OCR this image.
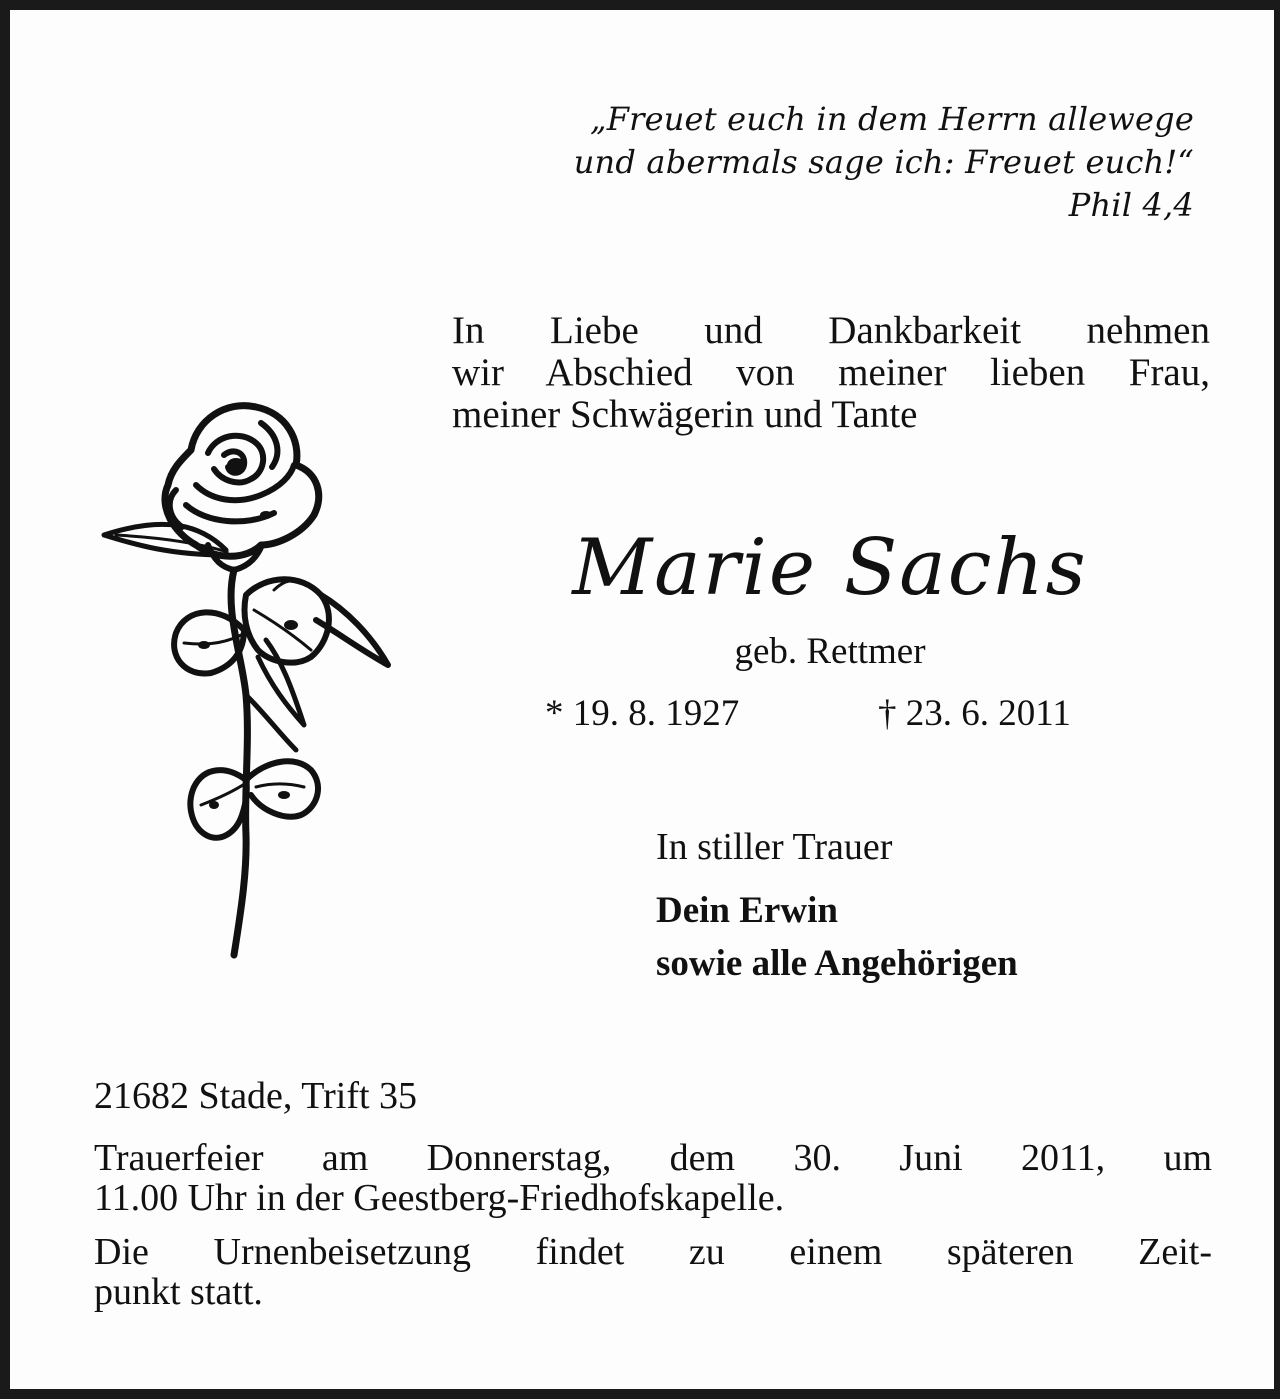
„Freuet euch in dem Herrn allewege
und abermals sage ich: Freuet euch!“
Phil 4,4
In Liebe und Dankbarkeit nehmen
wir Abschied von meiner lieben Frau,
meiner Schwägerin und Tante
Marie Sachs
geb. Rettmer
* 19. 8. 1927	† 23. 6. 2011
In stiller Trauer
Dein Erwin
sowie alle Angehörigen
21682 Stade, Trift 35
Trauerfeier am Donnerstag, dem 30. Juni 2011, um
11.00 Uhr in der Geestberg-Friedhofskapelle.
Die Urnenbeisetzung findet zu einem späteren Zeit-
punkt statt.
